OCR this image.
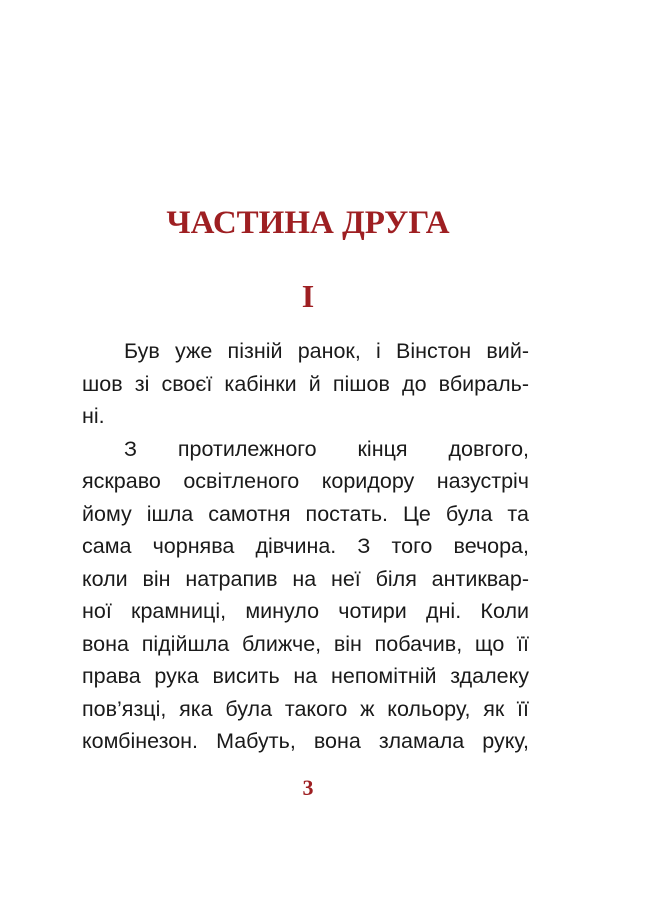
ЧАСТИНА ДРУГА
I
Був уже пізній ранок, і Вінстон вий-
шов зі своєї кабінки й пішов до вбираль-
ні.
З протилежного кінця довгого,
яскраво освітленого коридору назустріч
йому ішла самотня постать. Це була та
сама чорнява дівчина. З того вечора,
коли він натрапив на неї біля антиквар-
ної крамниці, минуло чотири дні. Коли
вона підійшла ближче, він побачив, що її
права рука висить на непомітній здалеку
пов’язці, яка була такого ж кольору, як її
комбінезон. Мабуть, вона зламала руку,
3
